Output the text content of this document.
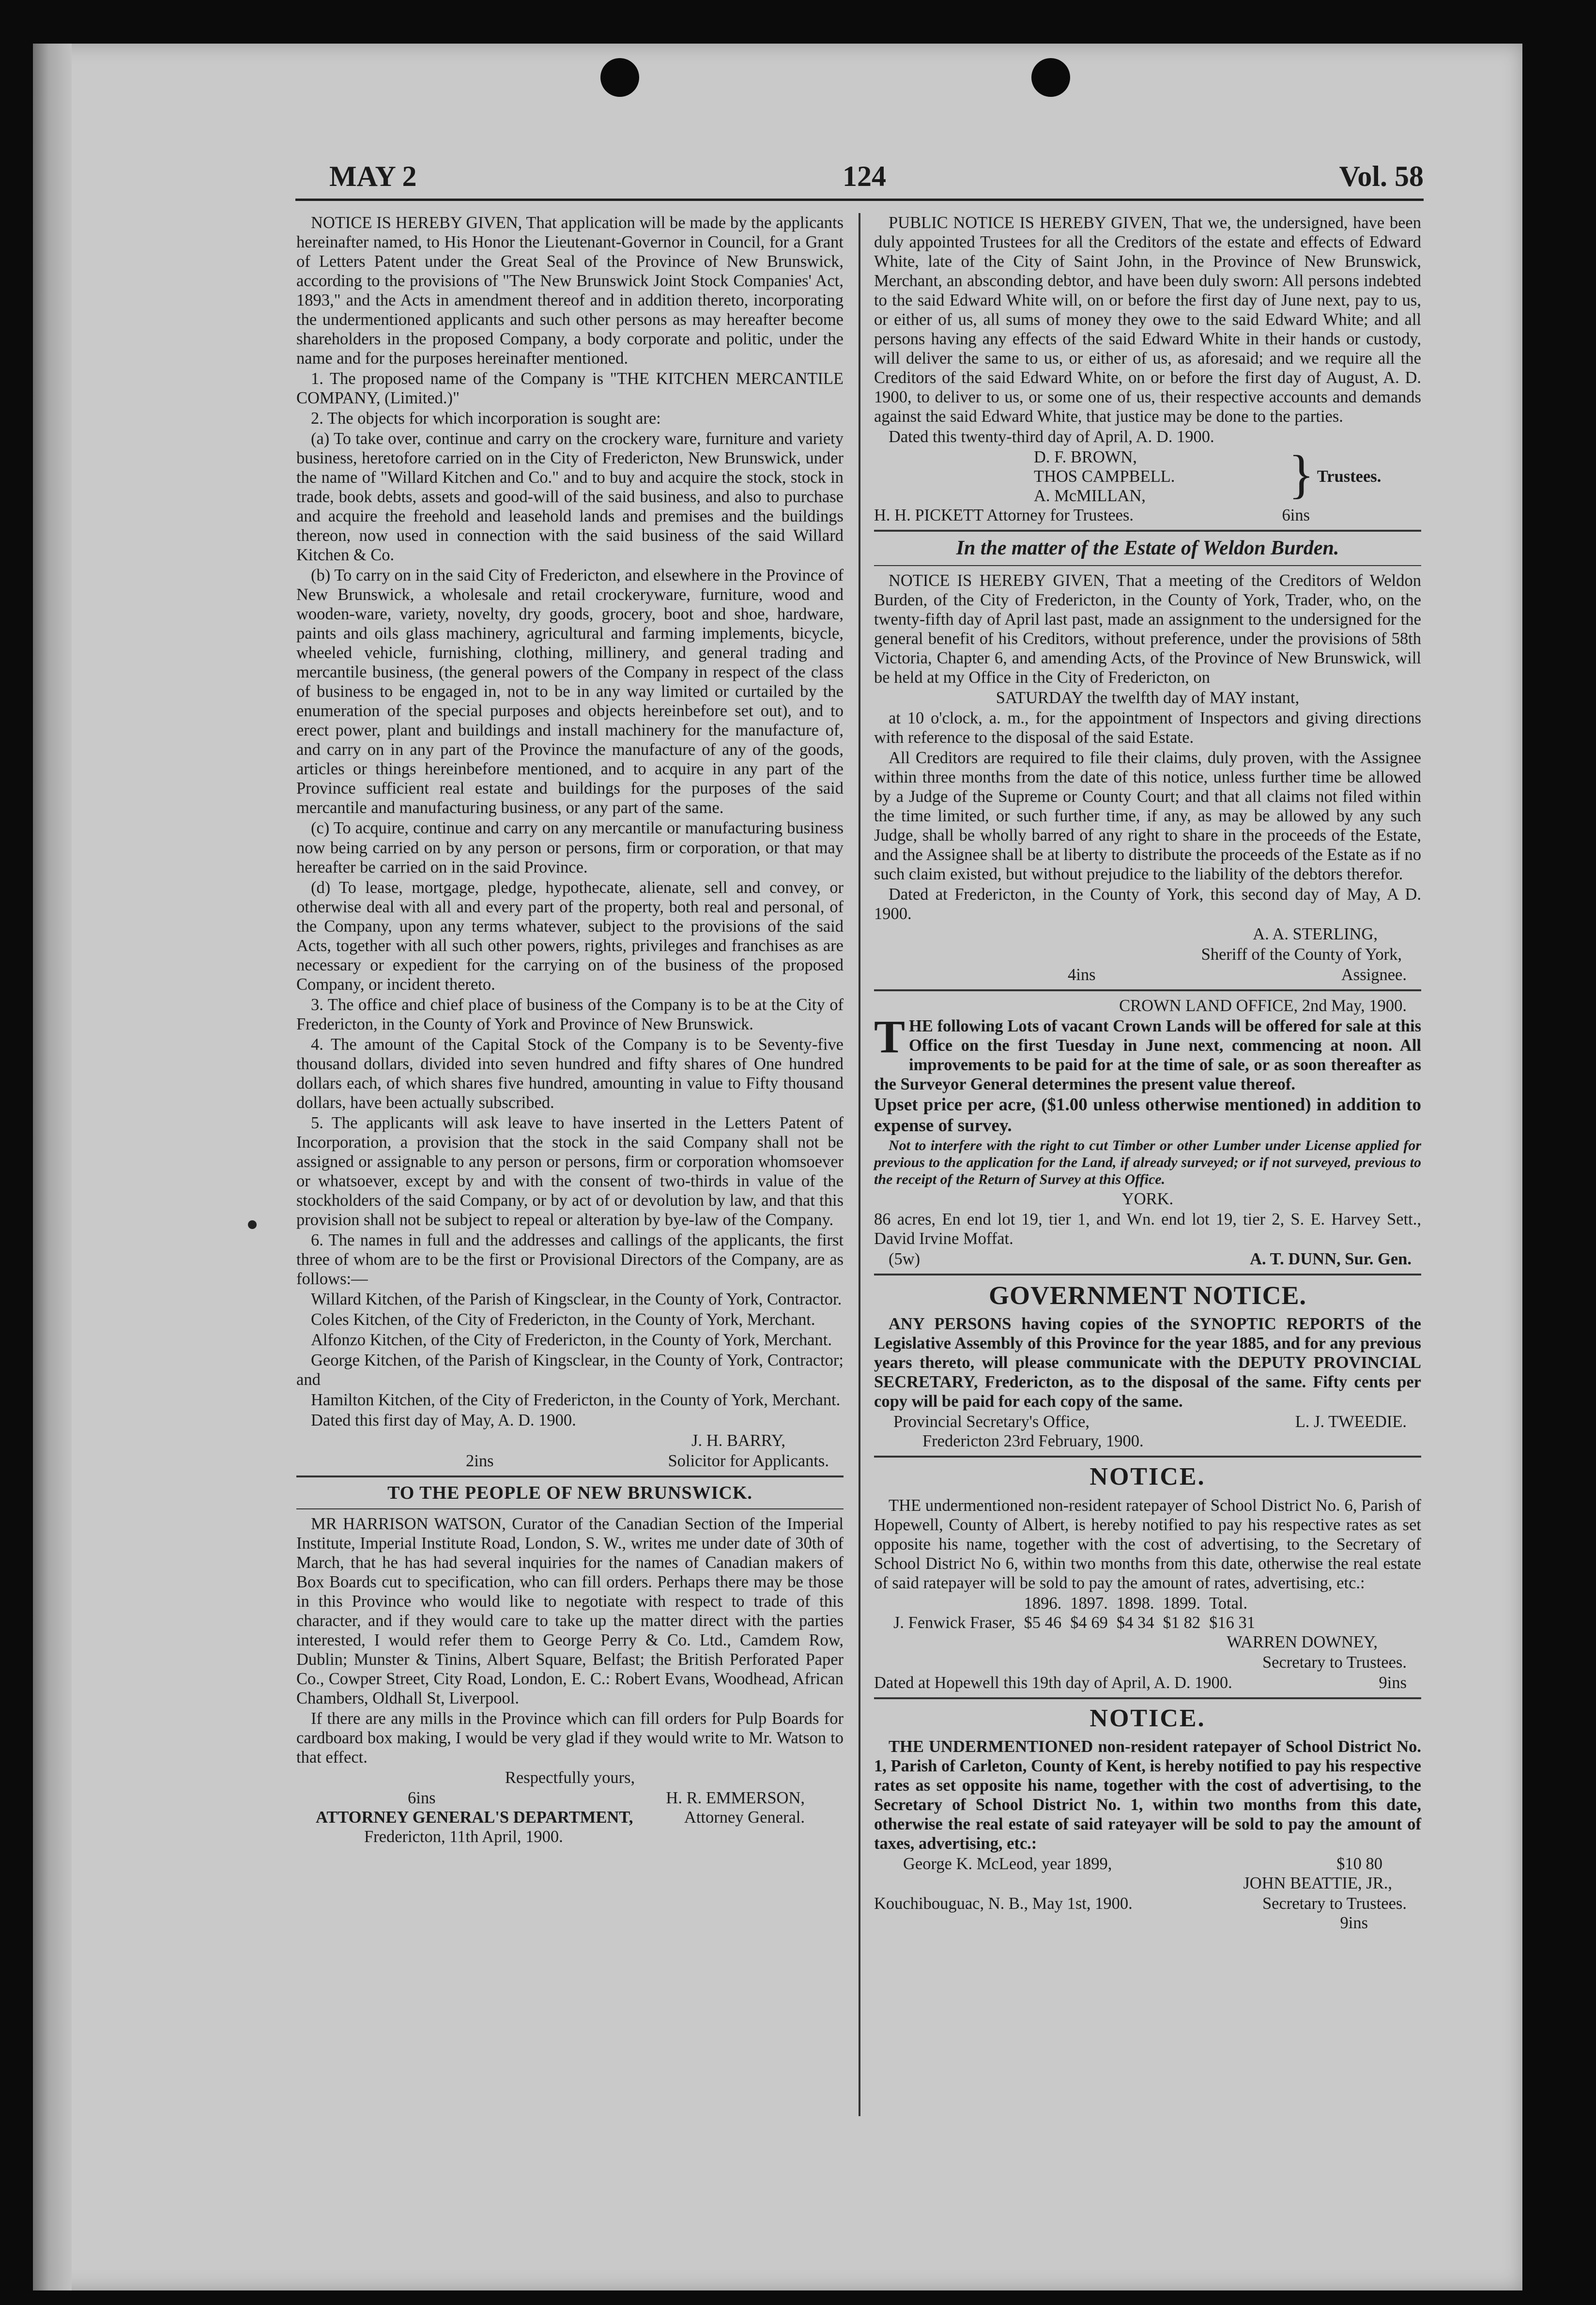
MAY 2	124	Vol. 58

NOTICE IS HEREBY GIVEN, That application will be made by the applicants hereinafter named, to His Honor the Lieutenant-Governor in Council, for a Grant of Letters Patent under the Great Seal of the Province of New Brunswick, according to the provisions of "The New Brunswick Joint Stock Companies' Act, 1893," and the Acts in amendment thereof and in addition thereto, incorporating the undermentioned applicants and such other persons as may hereafter become shareholders in the proposed Company, a body corporate and politic, under the name and for the purposes hereinafter mentioned.

1. The proposed name of the Company is "THE KITCHEN MERCANTILE COMPANY, (Limited.)"

2. The objects for which incorporation is sought are:

(a) To take over, continue and carry on the crockery ware, furniture and variety business, heretofore carried on in the City of Fredericton, New Brunswick, under the name of "Willard Kitchen and Co." and to buy and acquire the stock, stock in trade, book debts, assets and good-will of the said business, and also to purchase and acquire the freehold and leasehold lands and premises and the buildings thereon, now used in connection with the said business of the said Willard Kitchen & Co.

(b) To carry on in the said City of Fredericton, and elsewhere in the Province of New Brunswick, a wholesale and retail crockeryware, furniture, wood and wooden-ware, variety, novelty, dry goods, grocery, boot and shoe, hardware, paints and oils glass machinery, agricultural and farming implements, bicycle, wheeled vehicle, furnishing, clothing, millinery, and general trading and mercantile business, (the general powers of the Company in respect of the class of business to be engaged in, not to be in any way limited or curtailed by the enumeration of the special purposes and objects hereinbefore set out), and to erect power, plant and buildings and install machinery for the manufacture of, and carry on in any part of the Province the manufacture of any of the goods, articles or things hereinbefore mentioned, and to acquire in any part of the Province sufficient real estate and buildings for the purposes of the said mercantile and manufacturing business, or any part of the same.

(c) To acquire, continue and carry on any mercantile or manufacturing business now being carried on by any person or persons, firm or corporation, or that may hereafter be carried on in the said Province.

(d) To lease, mortgage, pledge, hypothecate, alienate, sell and convey, or otherwise deal with all and every part of the property, both real and personal, of the Company, upon any terms whatever, subject to the provisions of the said Acts, together with all such other powers, rights, privileges and franchises as are necessary or expedient for the carrying on of the business of the proposed Company, or incident thereto.

3. The office and chief place of business of the Company is to be at the City of Fredericton, in the County of York and Province of New Brunswick.

4. The amount of the Capital Stock of the Company is to be Seventy-five thousand dollars, divided into seven hundred and fifty shares of One hundred dollars each, of which shares five hundred, amounting in value to Fifty thousand dollars, have been actually subscribed.

5. The applicants will ask leave to have inserted in the Letters Patent of Incorporation, a provision that the stock in the said Company shall not be assigned or assignable to any person or persons, firm or corporation whomsoever or whatsoever, except by and with the consent of two-thirds in value of the stockholders of the said Company, or by act of or devolution by law, and that this provision shall not be subject to repeal or alteration by bye-law of the Company.

6. The names in full and the addresses and callings of the applicants, the first three of whom are to be the first or Provisional Directors of the Company, are as follows:—

Willard Kitchen, of the Parish of Kingsclear, in the County of York, Contractor.

Coles Kitchen, of the City of Fredericton, in the County of York, Merchant.

Alfonzo Kitchen, of the City of Fredericton, in the County of York, Merchant.

George Kitchen, of the Parish of Kingsclear, in the County of York, Contractor; and

Hamilton Kitchen, of the City of Fredericton, in the County of York, Merchant.

Dated this first day of May, A. D. 1900.

J. H. BARRY,

2ins	Solicitor for Applicants.
TO THE PEOPLE OF NEW BRUNSWICK.

MR HARRISON WATSON, Curator of the Canadian Section of the Imperial Institute, Imperial Institute Road, London, S. W., writes me under date of 30th of March, that he has had several inquiries for the names of Canadian makers of Box Boards cut to specification, who can fill orders. Perhaps there may be those in this Province who would like to negotiate with respect to trade of this character, and if they would care to take up the matter direct with the parties interested, I would refer them to George Perry & Co. Ltd., Camdem Row, Dublin; Munster & Tinins, Albert Square, Belfast; the British Perforated Paper Co., Cowper Street, City Road, London, E. C.: Robert Evans, Woodhead, African Chambers, Oldhall St, Liverpool.

If there are any mills in the Province which can fill orders for Pulp Boards for cardboard box making, I would be very glad if they would write to Mr. Watson to that effect.

Respectfully yours,

6ins	H. R. EMMERSON,
ATTORNEY GENERAL'S DEPARTMENT,	Attorney General.

Fredericton, 11th April, 1900.

PUBLIC NOTICE IS HEREBY GIVEN, That we, the undersigned, have been duly appointed Trustees for all the Creditors of the estate and effects of Edward White, late of the City of Saint John, in the Province of New Brunswick, Merchant, an absconding debtor, and have been duly sworn: All persons indebted to the said Edward White will, on or before the first day of June next, pay to us, or either of us, all sums of money they owe to the said Edward White; and all persons having any effects of the said Edward White in their hands or custody, will deliver the same to us, or either of us, as aforesaid; and we require all the Creditors of the said Edward White, on or before the first day of August, A. D. 1900, to deliver to us, or some one of us, their respective accounts and demands against the said Edward White, that justice may be done to the parties.

Dated this twenty-third day of April, A. D. 1900.

D. F. BROWN,
THOS CAMPBELL.
A. McMILLAN,	} Trustees.
H. H. PICKETT Attorney for Trustees.	6ins
In the matter of the Estate of Weldon Burden.

NOTICE IS HEREBY GIVEN, That a meeting of the Creditors of Weldon Burden, of the City of Fredericton, in the County of York, Trader, who, on the twenty-fifth day of April last past, made an assignment to the undersigned for the general benefit of his Creditors, without preference, under the provisions of 58th Victoria, Chapter 6, and amending Acts, of the Province of New Brunswick, will be held at my Office in the City of Fredericton, on

SATURDAY the twelfth day of MAY instant,

at 10 o'clock, a. m., for the appointment of Inspectors and giving directions with reference to the disposal of the said Estate.

All Creditors are required to file their claims, duly proven, with the Assignee within three months from the date of this notice, unless further time be allowed by a Judge of the Supreme or County Court; and that all claims not filed within the time limited, or such further time, if any, as may be allowed by any such Judge, shall be wholly barred of any right to share in the proceeds of the Estate, and the Assignee shall be at liberty to distribute the proceeds of the Estate as if no such claim existed, but without prejudice to the liability of the debtors therefor.

Dated at Fredericton, in the County of York, this second day of May, A D. 1900.

A. A. STERLING,

Sheriff of the County of York,

4ins	Assignee.

CROWN LAND OFFICE, 2nd May, 1900.

THE following Lots of vacant Crown Lands will be offered for sale at this Office on the first Tuesday in June next, commencing at noon. All improvements to be paid for at the time of sale, or as soon thereafter as the Surveyor General determines the present value thereof.

Upset price per acre, ($1.00 unless otherwise mentioned) in addition to expense of survey.

Not to interfere with the right to cut Timber or other Lumber under License applied for previous to the application for the Land, if already surveyed; or if not surveyed, previous to the receipt of the Return of Survey at this Office.

YORK.

86 acres, En end lot 19, tier 1, and Wn. end lot 19, tier 2, S. E. Harvey Sett., David Irvine Moffat.

(5w)	A. T. DUNN, Sur. Gen.
GOVERNMENT NOTICE.

ANY PERSONS having copies of the SYNOPTIC REPORTS of the Legislative Assembly of this Province for the year 1885, and for any previous years thereto, will please communicate with the DEPUTY PROVINCIAL SECRETARY, Fredericton, as to the disposal of the same. Fifty cents per copy will be paid for each copy of the same.

Provincial Secretary's Office,	L. J. TWEEDIE.

Fredericton 23rd February, 1900.

NOTICE.

THE undermentioned non-resident ratepayer of School District No. 6, Parish of Hopewell, County of Albert, is hereby notified to pay his respective rates as set opposite his name, together with the cost of advertising, to the Secretary of School District No 6, within two months from this date, otherwise the real estate of said ratepayer will be sold to pay the amount of rates, advertising, etc.:

	1896.	1897.	1898.	1899.	Total.
J. Fenwick Fraser,	$5 46	$4 69	$4 34	$1 82	$16 31

WARREN DOWNEY,

Secretary to Trustees.

Dated at Hopewell this 19th day of April, A. D. 1900.	9ins
NOTICE.

THE UNDERMENTIONED non-resident ratepayer of School District No. 1, Parish of Carleton, County of Kent, is hereby notified to pay his respective rates as set opposite his name, together with the cost of advertising, to the Secretary of School District No. 1, within two months from this date, otherwise the real estate of said rateyayer will be sold to pay the amount of taxes, advertising, etc.:

George K. McLeod, year 1899,	$10 80

JOHN BEATTIE, JR.,

Kouchibouguac, N. B., May 1st, 1900.	Secretary to Trustees.

9ins
